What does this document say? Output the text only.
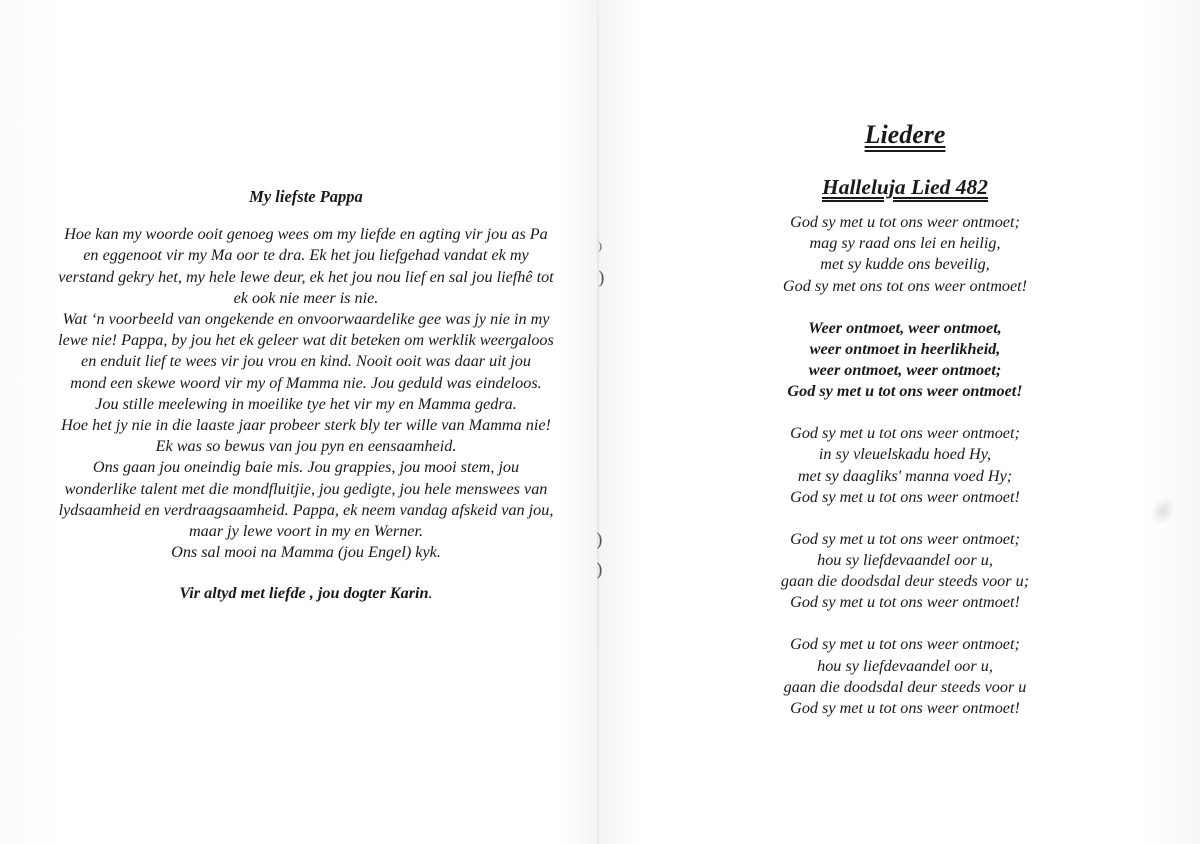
⁾
)
)
)

My liefste Pappa

Hoe kan my woorde ooit genoeg wees om my liefde en agting vir jou as Pa
en eggenoot vir my Ma oor te dra. Ek het jou liefgehad vandat ek my
verstand gekry het, my hele lewe deur, ek het jou nou lief en sal jou liefhê tot
ek ook nie meer is nie.
Wat ‘n voorbeeld van ongekende en onvoorwaardelike gee was jy nie in my
lewe nie! Pappa, by jou het ek geleer wat dit beteken om werklik weergaloos
en enduit lief te wees vir jou vrou en kind. Nooit ooit was daar uit jou
mond een skewe woord vir my of Mamma nie. Jou geduld was eindeloos.
Jou stille meelewing in moeilike tye het vir my en Mamma gedra.
Hoe het jy nie in die laaste jaar probeer sterk bly ter wille van Mamma nie!
Ek was so bewus van jou pyn en eensaamheid.
Ons gaan jou oneindig baie mis. Jou grappies, jou mooi stem, jou
wonderlike talent met die mondfluitjie, jou gedigte, jou hele menswees van
lydsaamheid en verdraagsaamheid. Pappa, ek neem vandag afskeid van jou,
maar jy lewe voort in my en Werner.
Ons sal mooi na Mamma (jou Engel) kyk.

Vir altyd met liefde , jou dogter Karin.

Liedere
Halleluja Lied 482

God sy met u tot ons weer ontmoet;
mag sy raad ons lei en heilig,
met sy kudde ons beveilig,
God sy met ons tot ons weer ontmoet!

Weer ontmoet, weer ontmoet,
weer ontmoet in heerlikheid,
weer ontmoet, weer ontmoet;
God sy met u tot ons weer ontmoet!

God sy met u tot ons weer ontmoet;
in sy vleuelskadu hoed Hy,
met sy daagliks' manna voed Hy;
God sy met u tot ons weer ontmoet!

God sy met u tot ons weer ontmoet;
hou sy liefdevaandel oor u,
gaan die doodsdal deur steeds voor u;
God sy met u tot ons weer ontmoet!

God sy met u tot ons weer ontmoet;
hou sy liefdevaandel oor u,
gaan die doodsdal deur steeds voor u
God sy met u tot ons weer ontmoet!
